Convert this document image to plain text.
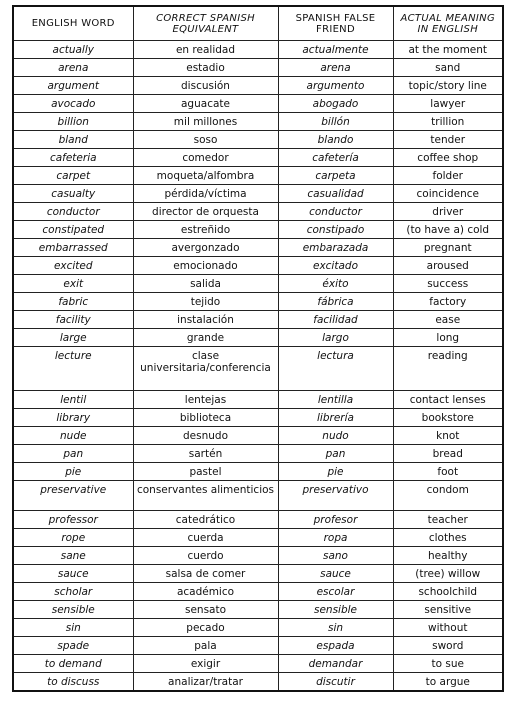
ENGLISH WORD	CORRECT SPANISH EQUIVALENT	SPANISH FALSE FRIEND	ACTUAL MEANING IN ENGLISH
actually	en realidad	actualmente	at the moment
arena	estadio	arena	sand
argument	discusión	argumento	topic/story line
avocado	aguacate	abogado	lawyer
billion	mil millones	billón	trillion
bland	soso	blando	tender
cafeteria	comedor	cafetería	coffee shop
carpet	moqueta/alfombra	carpeta	folder
casualty	pérdida/víctima	casualidad	coincidence
conductor	director de orquesta	conductor	driver
constipated	estreñido	constipado	(to have a) cold
embarrassed	avergonzado	embarazada	pregnant
excited	emocionado	excitado	aroused
exit	salida	éxito	success
fabric	tejido	fábrica	factory
facility	instalación	facilidad	ease
large	grande	largo	long
lecture	clase universitaria/conferencia	lectura	reading
lentil	lentejas	lentilla	contact lenses
library	biblioteca	librería	bookstore
nude	desnudo	nudo	knot
pan	sartén	pan	bread
pie	pastel	pie	foot
preservative	conservantes alimenticios	preservativo	condom
professor	catedrático	profesor	teacher
rope	cuerda	ropa	clothes
sane	cuerdo	sano	healthy
sauce	salsa de comer	sauce	(tree) willow
scholar	académico	escolar	schoolchild
sensible	sensato	sensible	sensitive
sin	pecado	sin	without
spade	pala	espada	sword
to demand	exigir	demandar	to sue
to discuss	analizar/tratar	discutir	to argue
